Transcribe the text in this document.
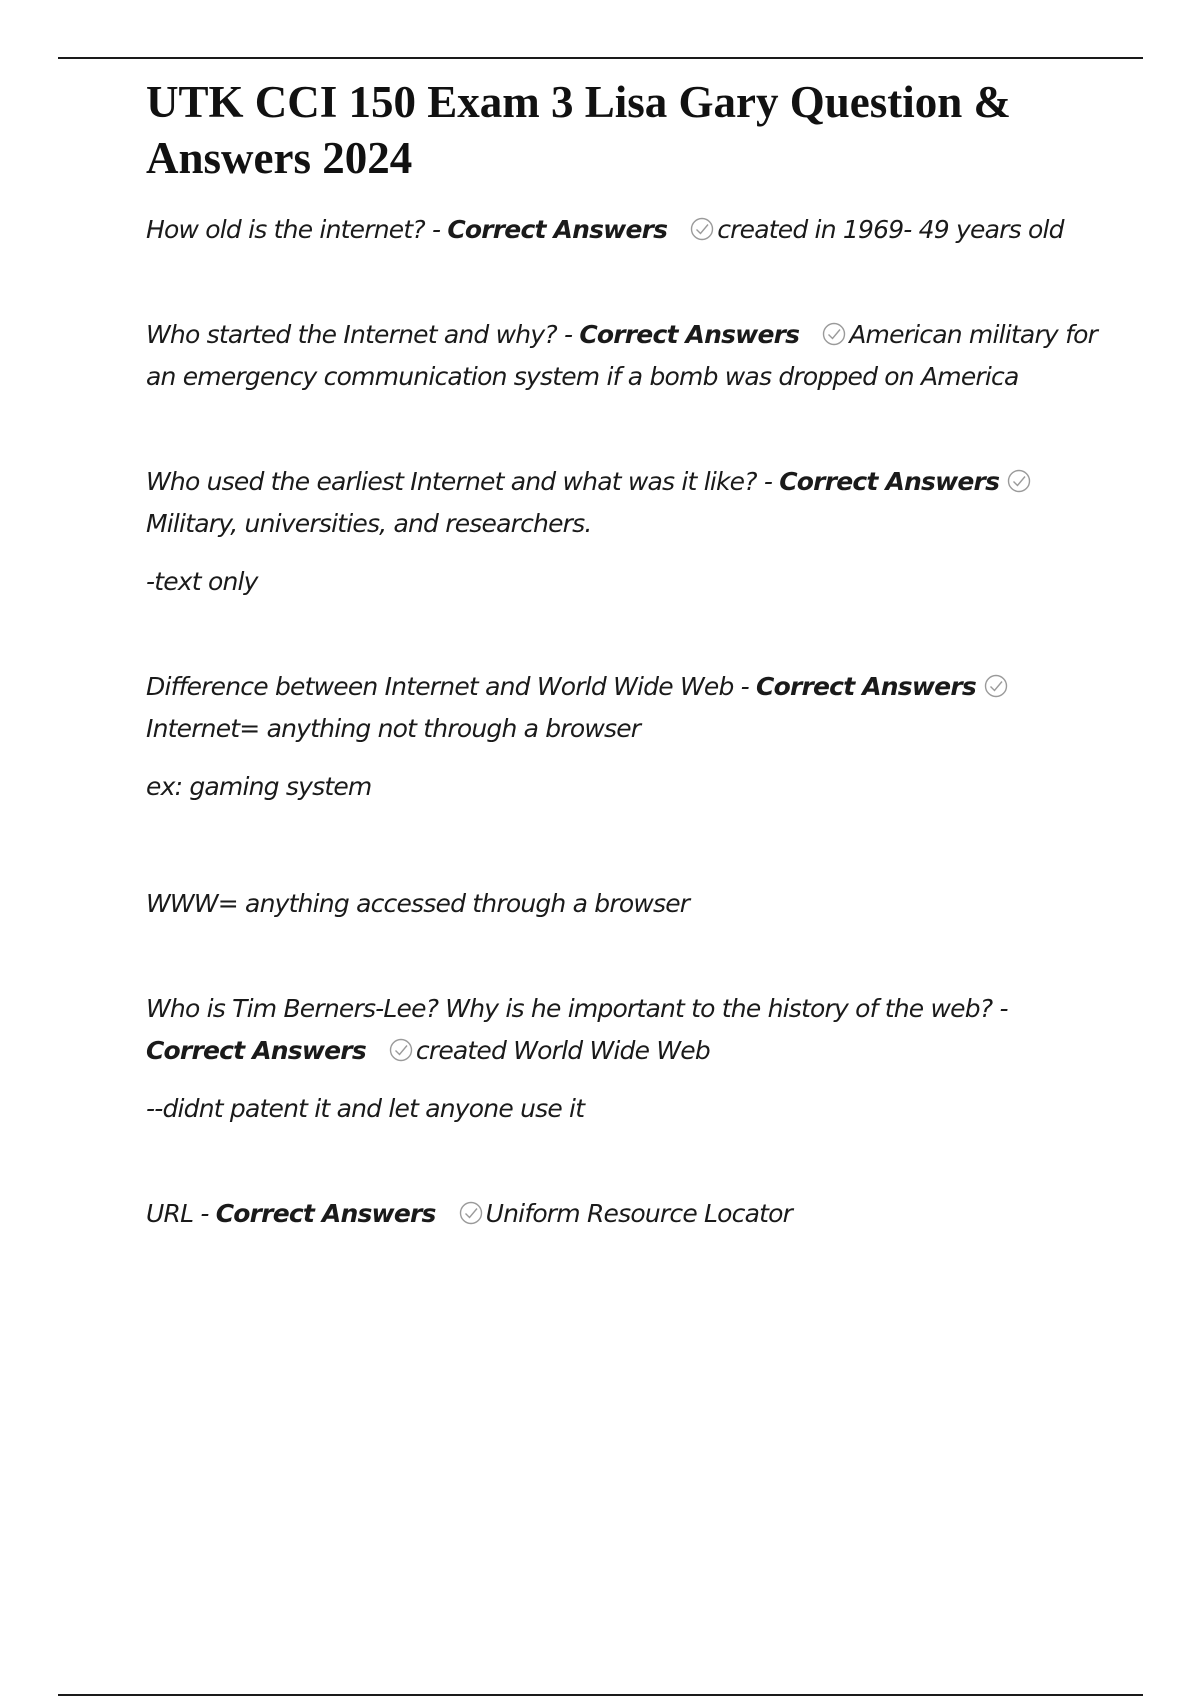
UTK CCI 150 Exam 3 Lisa Gary Question & Answers 2024

How old is the internet? - Correct Answers created in 1969- 49 years old

Who started the Internet and why? - Correct Answers American military for an emergency communication system if a bomb was dropped on America

Who used the earliest Internet and what was it like? - Correct Answers
Military, universities, and researchers.

-text only

Difference between Internet and World Wide Web - Correct Answers
Internet= anything not through a browser

ex: gaming system

WWW= anything accessed through a browser

Who is Tim Berners-Lee? Why is he important to the history of the web? - Correct Answers created World Wide Web

--didnt patent it and let anyone use it

URL - Correct Answers Uniform Resource Locator
